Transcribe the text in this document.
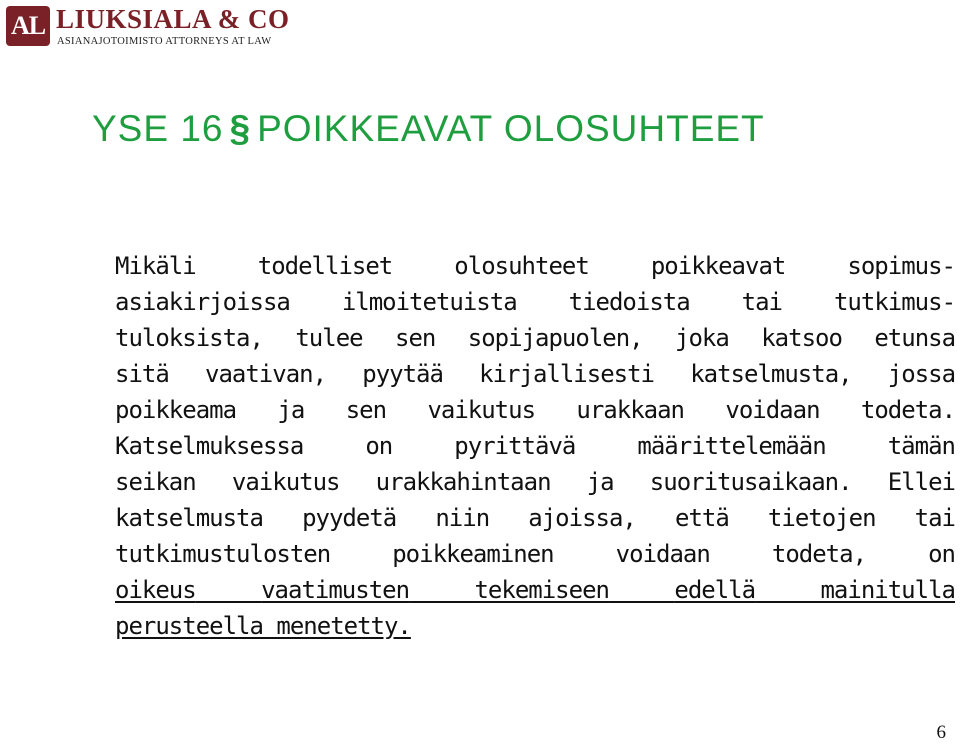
AL LIUKSIALA & CO
ASIANAJOTOIMISTO ATTORNEYS AT LAW
YSE 16 § POIKKEAVAT OLOSUHTEET
Mikäli	todelliset	olosuhteet	poikkeavat	sopimus-
asiakirjoissa ilmoitetuista tiedoista tai tutkimus-
tuloksista, tulee sen sopijapuolen, joka katsoo etunsa
sitä vaativan, pyytää kirjallisesti katselmusta, jossa
poikkeama ja sen vaikutus urakkaan voidaan todeta.
Katselmuksessa	on	pyrittävä	määrittelemään	tämän
seikan vaikutus urakkahintaan ja suoritusaikaan. Ellei
katselmusta pyydetä niin ajoissa, että tietojen tai
tutkimustulosten	poikkeaminen	voidaan	todeta,	on
oikeus	vaatimusten	tekemiseen	edellä	mainitulla
perusteella menetetty.
6
